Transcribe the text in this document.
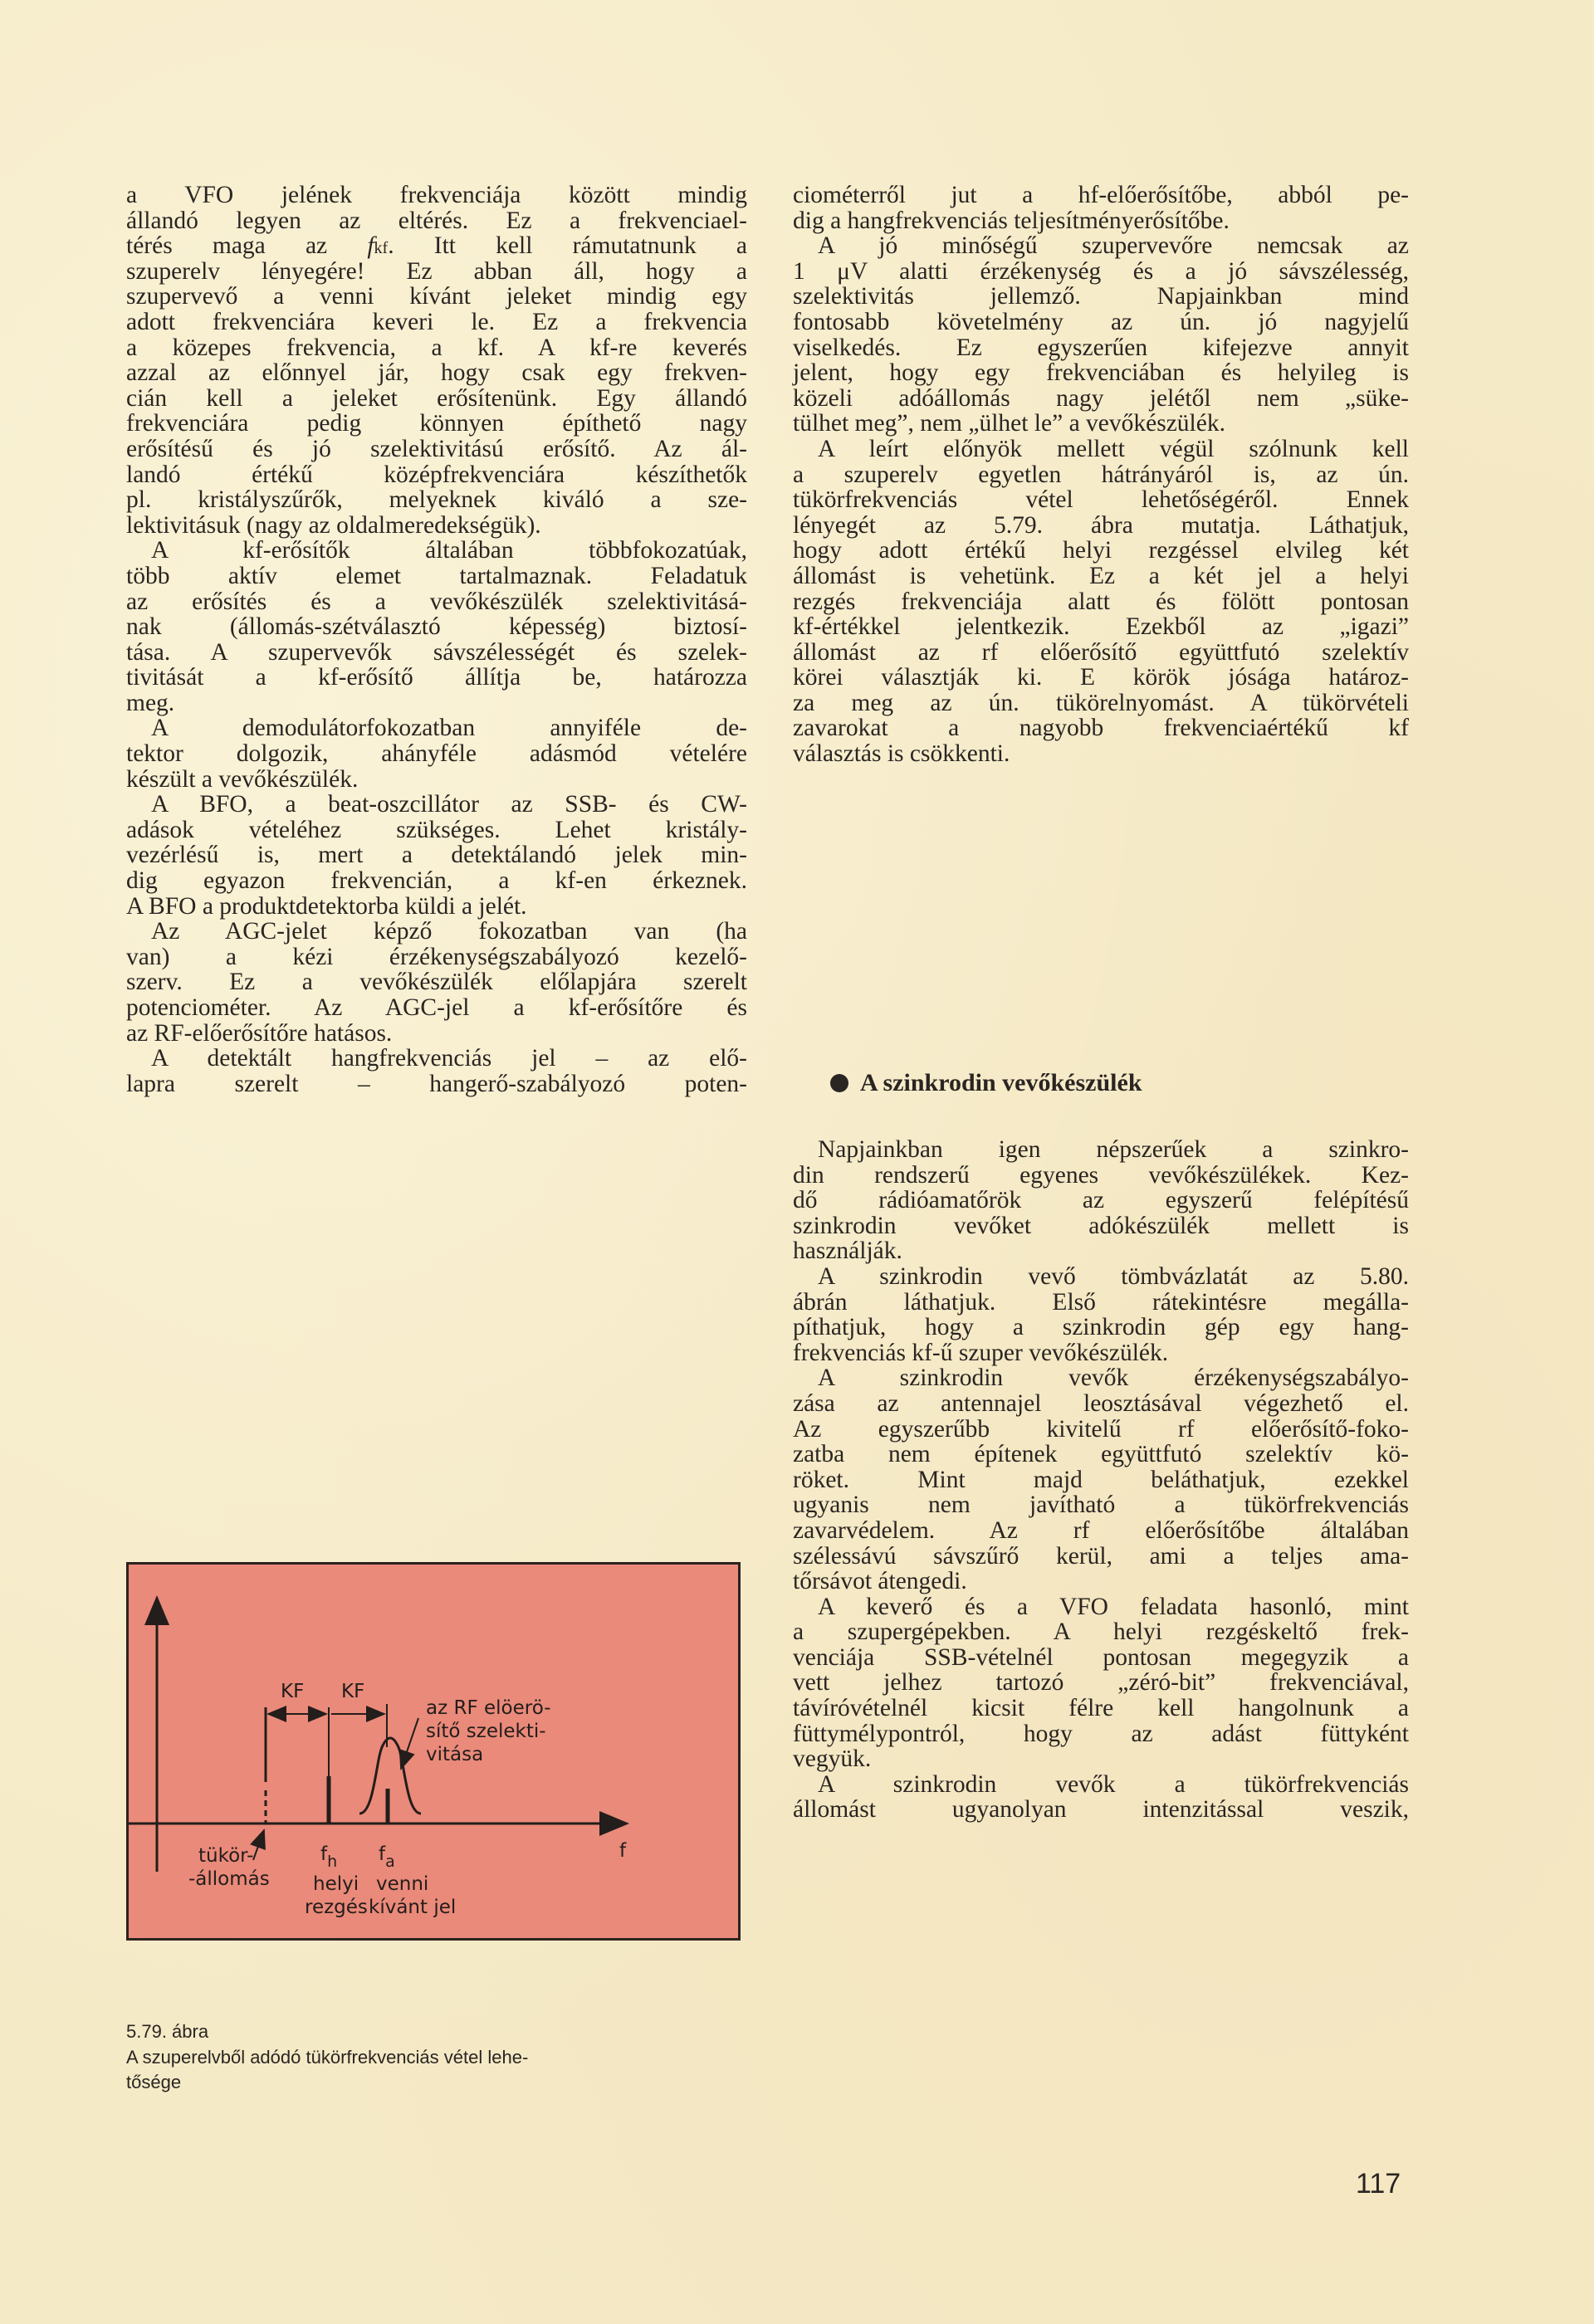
a VFO jelének frekvenciája között mindig
állandó legyen az eltérés. Ez a frekvenciael-
térés maga az fkf. Itt kell rámutatnunk a
szuperelv lényegére! Ez abban áll, hogy a
szupervevő a venni kívánt jeleket mindig egy
adott frekvenciára keveri le. Ez a frekvencia
a közepes frekvencia, a kf. A kf-re keverés
azzal az előnnyel jár, hogy csak egy frekven-
cián kell a jeleket erősítenünk. Egy állandó
frekvenciára pedig könnyen építhető nagy
erősítésű és jó szelektivitású erősítő. Az ál-
landó értékű középfrekvenciára készíthetők
pl. kristályszűrők, melyeknek kiváló a sze-
lektivitásuk (nagy az oldalmeredekségük).
A kf-erősítők általában többfokozatúak,
több aktív elemet tartalmaznak. Feladatuk
az erősítés és a vevőkészülék szelektivitásá-
nak (állomás-szétválasztó képesség) biztosí-
tása. A szupervevők sávszélességét és szelek-
tivitását a kf-erősítő állítja be, határozza
meg.
A demodulátorfokozatban annyiféle de-
tektor dolgozik, ahányféle adásmód vételére
készült a vevőkészülék.
A BFO, a beat-oszcillátor az SSB- és CW-
adások vételéhez szükséges. Lehet kristály-
vezérlésű is, mert a detektálandó jelek min-
dig egyazon frekvencián, a kf-en érkeznek.
A BFO a produktdetektorba küldi a jelét.
Az AGC-jelet képző fokozatban van (ha
van) a kézi érzékenységszabályozó kezelő-
szerv. Ez a vevőkészülék előlapjára szerelt
potenciométer. Az AGC-jel a kf-erősítőre és
az RF-előerősítőre hatásos.
A detektált hangfrekvenciás jel – az elő-
lapra szerelt – hangerő-szabályozó poten-
ciométerről jut a hf-előerősítőbe, abból pe-
dig a hangfrekvenciás teljesítményerősítőbe.
A jó minőségű szupervevőre nemcsak az
1 μV alatti érzékenység és a jó sávszélesség,
szelektivitás jellemző. Napjainkban mind
fontosabb követelmény az ún. jó nagyjelű
viselkedés. Ez egyszerűen kifejezve annyit
jelent, hogy egy frekvenciában és helyileg is
közeli adóállomás nagy jelétől nem „süke-
tülhet meg”, nem „ülhet le” a vevőkészülék.
A leírt előnyök mellett végül szólnunk kell
a szuperelv egyetlen hátrányáról is, az ún.
tükörfrekvenciás vétel lehetőségéről. Ennek
lényegét az 5.79. ábra mutatja. Láthatjuk,
hogy adott értékű helyi rezgéssel elvileg két
állomást is vehetünk. Ez a két jel a helyi
rezgés frekvenciája alatt és fölött pontosan
kf-értékkel jelentkezik. Ezekből az „igazi”
állomást az rf előerősítő együttfutó szelektív
körei választják ki. E körök jósága határoz-
za meg az ún. tükörelnyomást. A tükörvételi
zavarokat a nagyobb frekvenciaértékű kf
választás is csökkenti.
A szinkrodin vevőkészülék
Napjainkban igen népszerűek a szinkro-
din rendszerű egyenes vevőkészülékek. Kez-
dő rádióamatőrök az egyszerű felépítésű
szinkrodin vevőket adókészülék mellett is
használják.
A szinkrodin vevő tömbvázlatát az 5.80.
ábrán láthatjuk. Első rátekintésre megálla-
píthatjuk, hogy a szinkrodin gép egy hang-
frekvenciás kf-ű szuper vevőkészülék.
A szinkrodin vevők érzékenységszabályo-
zása az antennajel leosztásával végezhető el.
Az egyszerűbb kivitelű rf előerősítő-foko-
zatba nem építenek együttfutó szelektív kö-
röket. Mint majd beláthatjuk, ezekkel
ugyanis nem javítható a tükörfrekvenciás
zavarvédelem. Az rf előerősítőbe általában
szélessávú sávszűrő kerül, ami a teljes ama-
tőrsávot átengedi.
A keverő és a VFO feladata hasonló, mint
a szupergépekben. A helyi rezgéskeltő frek-
venciája SSB-vételnél pontosan megegyzik a
vett jelhez tartozó „zéró-bit” frekvenciával,
távíróvételnél kicsit félre kell hangolnunk a
füttymélypontról, hogy az adást füttyként
vegyük.
A szinkrodin vevők a tükörfrekvenciás
állomást ugyanolyan intenzitással veszik,
KF KF
az RF elöerö-
sítő szelekti-
vitása
f
tükör-
-állomás
$f_h$
helyi
rezgés
$f_a$
venni
kívánt jel
5.79. ábra
A szuperelvből adódó tükörfrekvenciás vétel lehe-
tősége
117
